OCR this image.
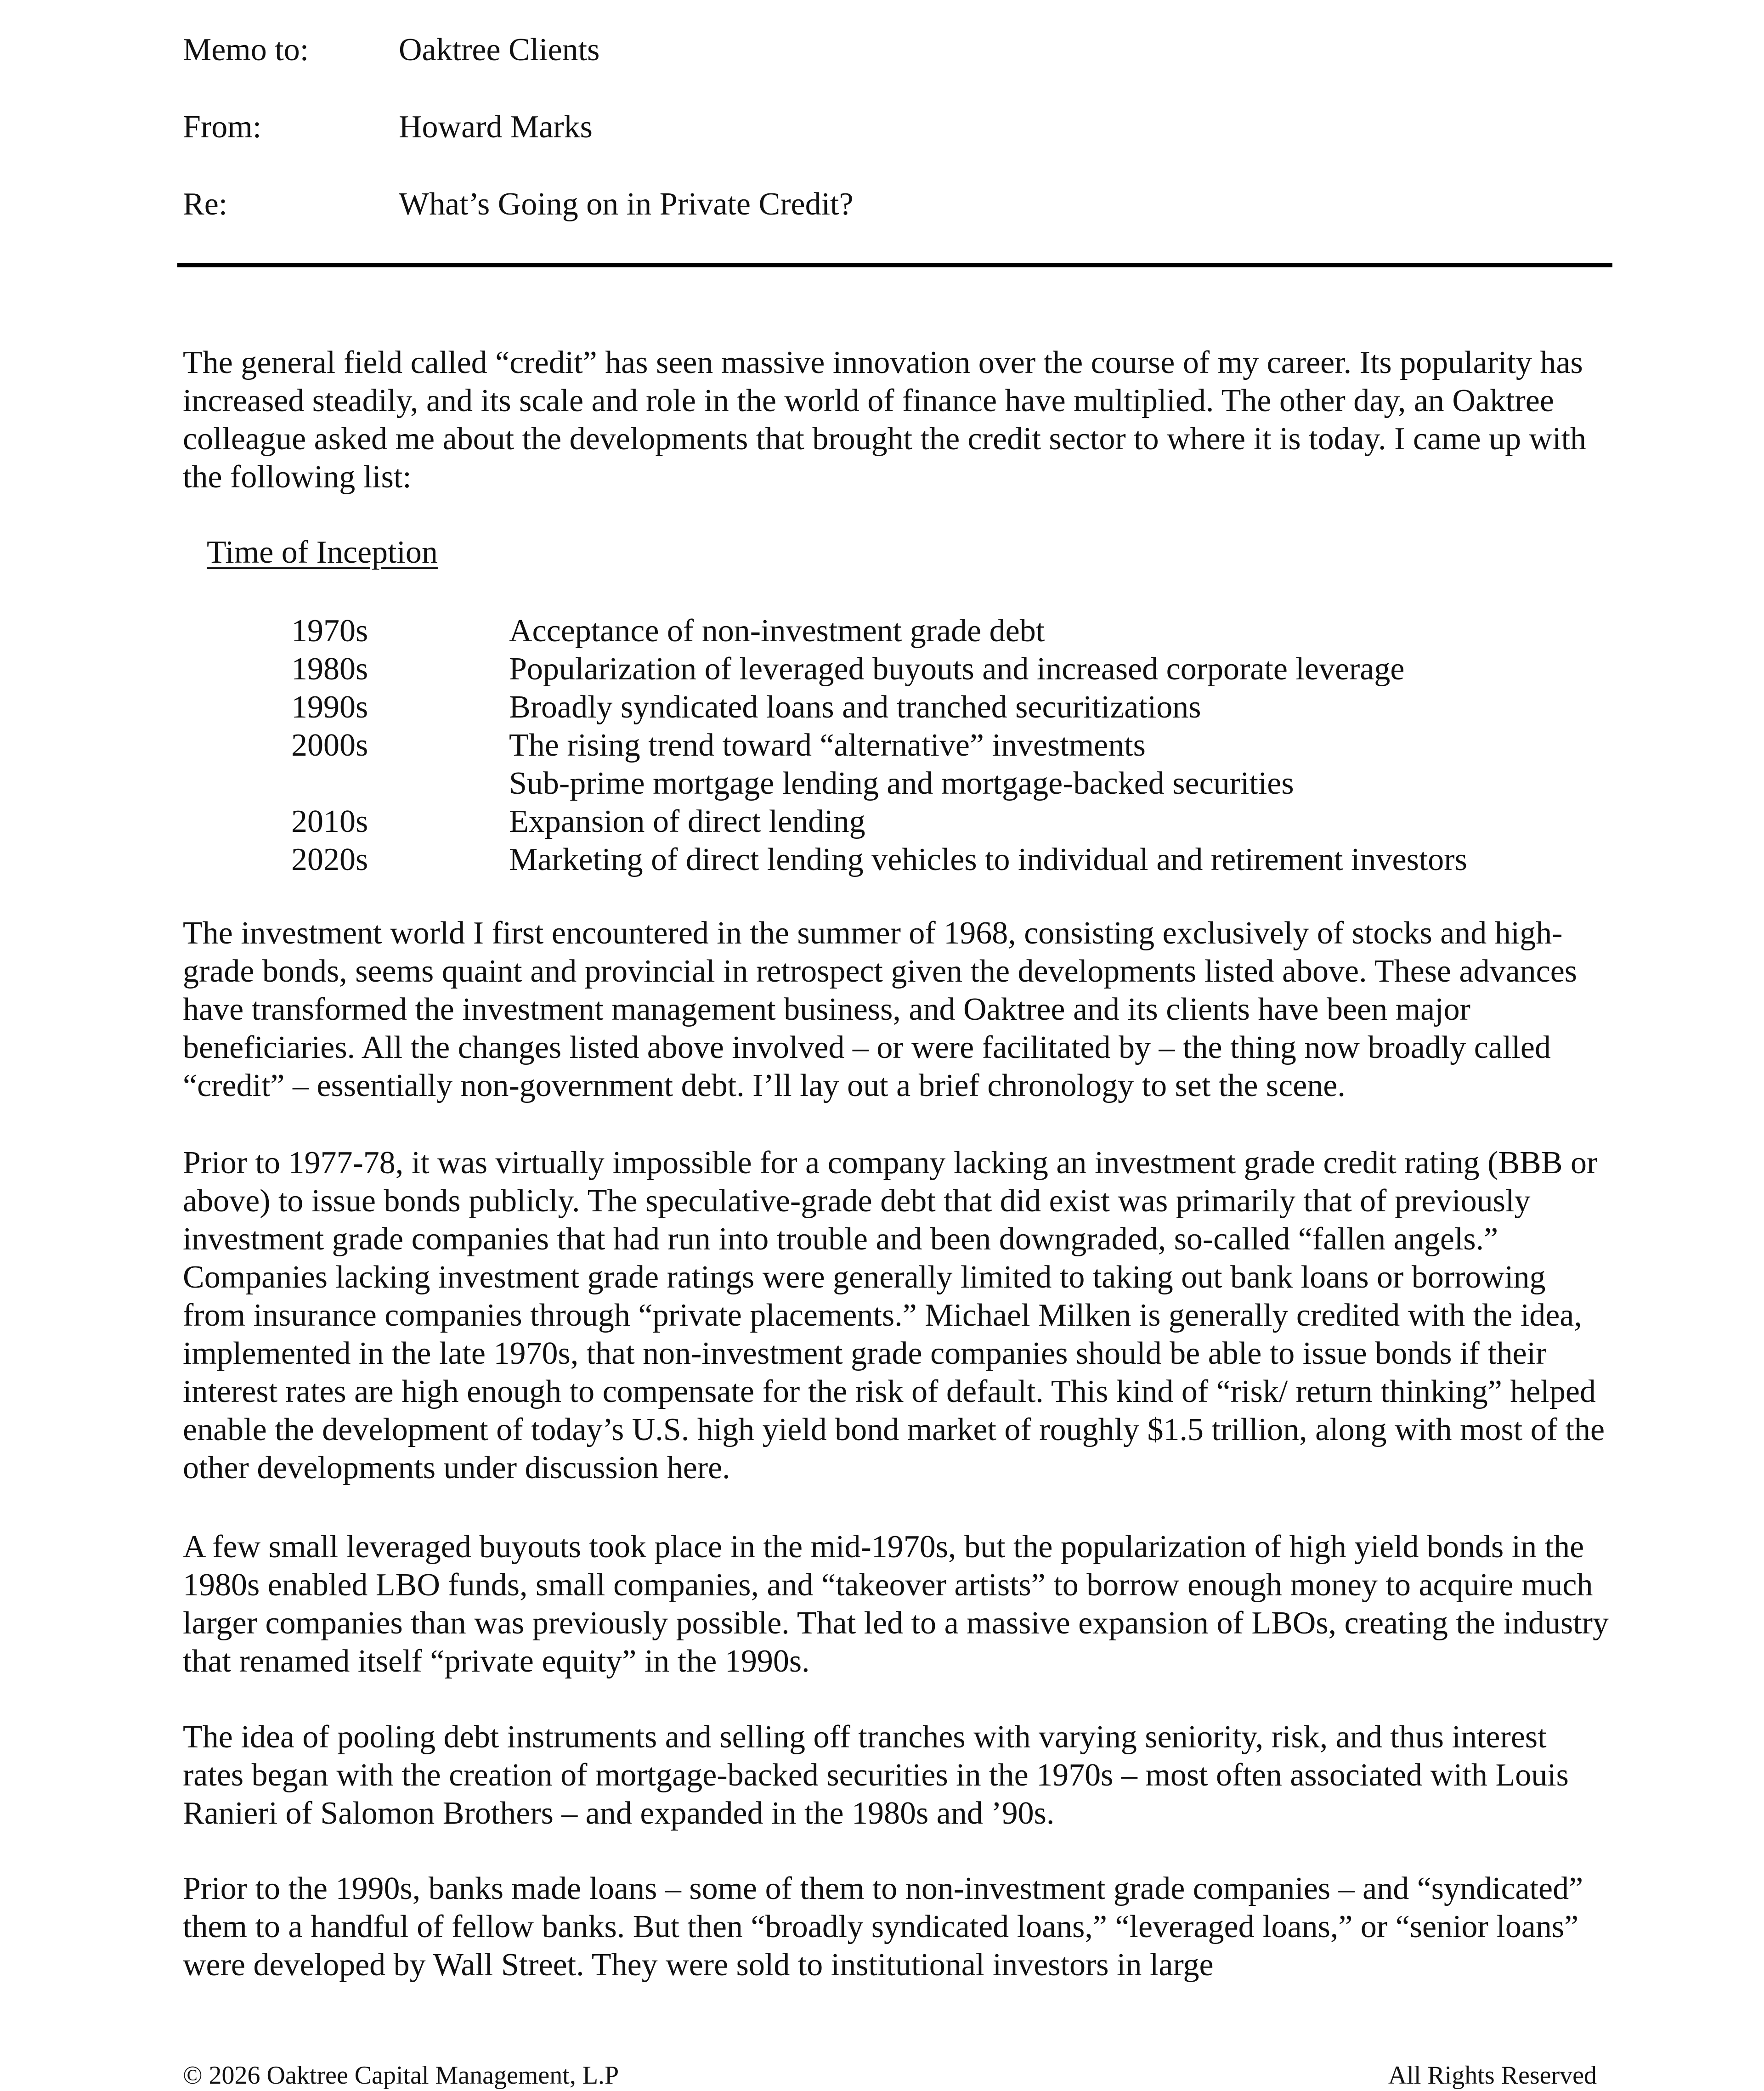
Memo to:	Oaktree Clients
From:	Howard Marks
Re:	What’s Going on in Private Credit?

The general field called “credit” has seen massive innovation over the course of my career. Its popularity has increased steadily, and its scale and role in the world of finance have multiplied. The other day, an Oaktree colleague asked me about the developments that brought the credit sector to where it is today. I came up with the following list:

Time of Inception
1970s	Acceptance of non-investment grade debt
1980s	Popularization of leveraged buyouts and increased corporate leverage
1990s	Broadly syndicated loans and tranched securitizations
2000s	The rising trend toward “alternative” investments
Sub-prime mortgage lending and mortgage-backed securities
2010s	Expansion of direct lending
2020s	Marketing of direct lending vehicles to individual and retirement investors

The investment world I first encountered in the summer of 1968, consisting exclusively of stocks and high-grade bonds, seems quaint and provincial in retrospect given the developments listed above. These advances have transformed the investment management business, and Oaktree and its clients have been major beneficiaries. All the changes listed above involved – or were facilitated by – the thing now broadly called “credit” – essentially non-government debt. I’ll lay out a brief chronology to set the scene.

Prior to 1977-78, it was virtually impossible for a company lacking an investment grade credit rating (BBB or above) to issue bonds publicly. The speculative-grade debt that did exist was primarily that of previously investment grade companies that had run into trouble and been downgraded, so-called “fallen angels.” Companies lacking investment grade ratings were generally limited to taking out bank loans or borrowing from insurance companies through “private placements.” Michael Milken is generally credited with the idea, implemented in the late 1970s, that non-investment grade companies should be able to issue bonds if their interest rates are high enough to compensate for the risk of default. This kind of “risk/ return thinking” helped enable the development of today’s U.S. high yield bond market of roughly $1.5 trillion, along with most of the other developments under discussion here.

A few small leveraged buyouts took place in the mid-1970s, but the popularization of high yield bonds in the 1980s enabled LBO funds, small companies, and “takeover artists” to borrow enough money to acquire much larger companies than was previously possible. That led to a massive expansion of LBOs, creating the industry that renamed itself “private equity” in the 1990s.

The idea of pooling debt instruments and selling off tranches with varying seniority, risk, and thus interest rates began with the creation of mortgage-backed securities in the 1970s – most often associated with Louis Ranieri of Salomon Brothers – and expanded in the 1980s and ’90s.

Prior to the 1990s, banks made loans – some of them to non-investment grade companies – and “syndicated” them to a handful of fellow banks. But then “broadly syndicated loans,” “leveraged loans,” or “senior loans” were developed by Wall Street. They were sold to institutional investors in large

© 2026 Oaktree Capital Management, L.P	All Rights Reserved
